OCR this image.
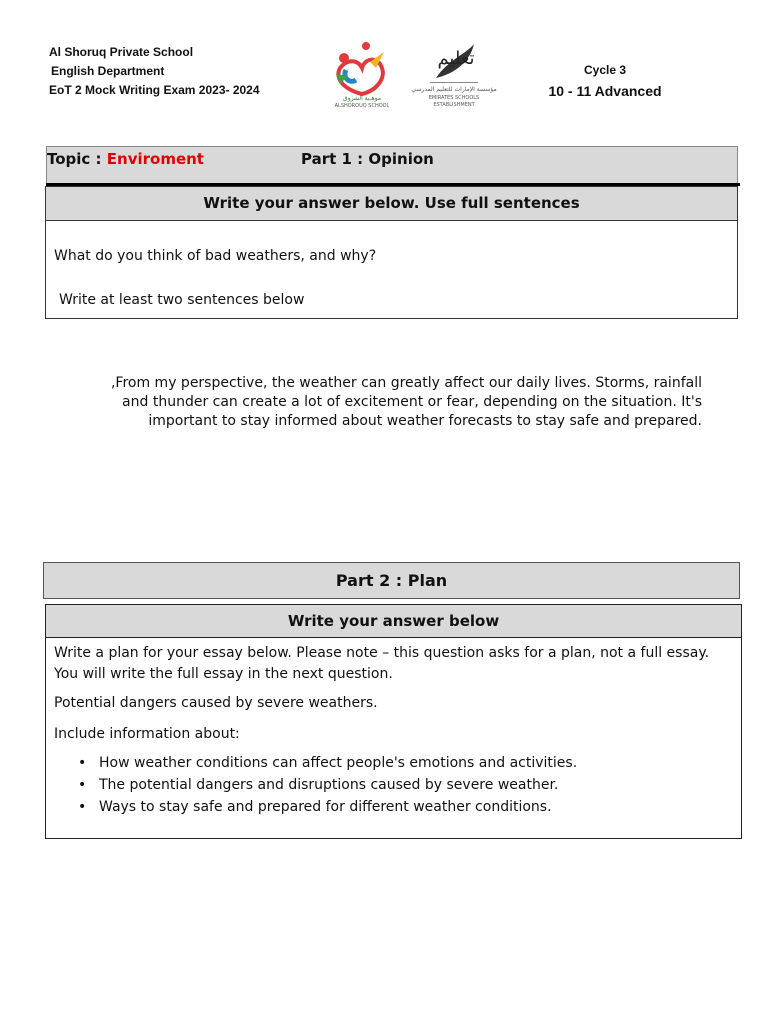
Al Shoruq Private School
English Department
EoT 2 Mock Writing Exam 2023- 2024
موهـبة الشروق
ALSHOROUQ SCHOOL
تعليم
مؤسسة الإمارات للتعليم المدرسي
EMIRATES SCHOOLS
ESTABLISHMENT
Cycle 3
10 - 11 Advanced
Topic : Enviroment	Part 1 : Opinion
Write your answer below. Use full sentences
What do you think of bad weathers, and why?
Write at least two sentences below
From my perspective, the weather can greatly affect our daily lives. Storms, rainfall,
and thunder can create a lot of excitement or fear, depending on the situation. It's
.important to stay informed about weather forecasts to stay safe and prepared
Part 2 : Plan
Write your answer below

Write a plan for your essay below. Please note – this question asks for a plan, not a full essay. You will write the full essay in the next question.

Potential dangers caused by severe weathers.

Include information about:

• How weather conditions can affect people's emotions and activities.
• The potential dangers and disruptions caused by severe weather.
• Ways to stay safe and prepared for different weather conditions.
